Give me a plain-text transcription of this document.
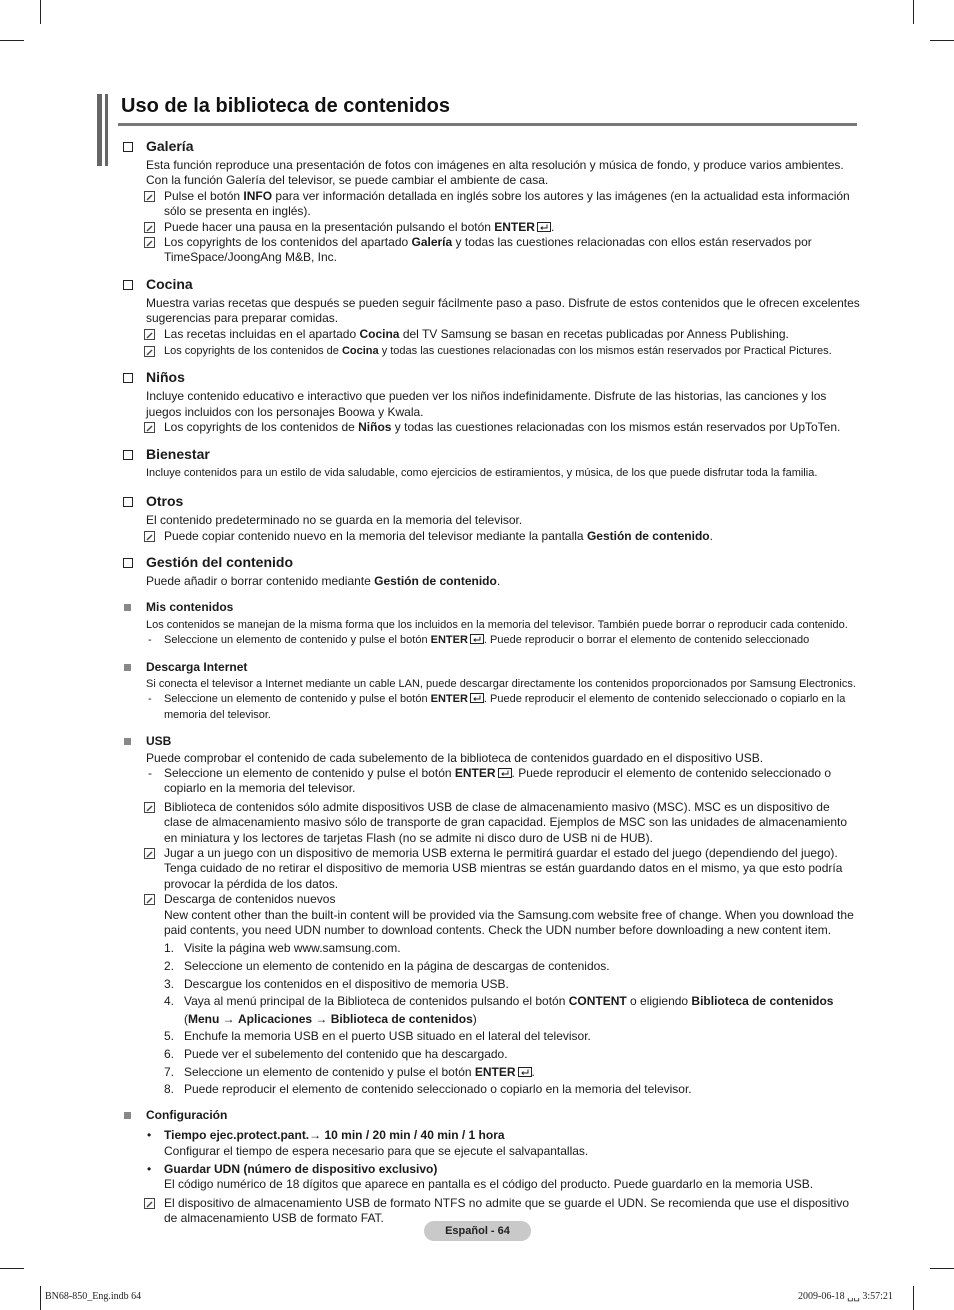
Uso de la biblioteca de contenidos
Galería
Esta función reproduce una presentación de fotos con imágenes en alta resolución y música de fondo, y produce varios ambientes.
Con la función Galería del televisor, se puede cambiar el ambiente de casa.
Pulse el botón INFO para ver información detallada en inglés sobre los autores y las imágenes (en la actualidad esta información sólo se presenta en inglés).
Puede hacer una pausa en la presentación pulsando el botón ENTER .
Los copyrights de los contenidos del apartado Galería y todas las cuestiones relacionadas con ellos están reservados por TimeSpace/JoongAng M&B, Inc.
Cocina
Muestra varias recetas que después se pueden seguir fácilmente paso a paso. Disfrute de estos contenidos que le ofrecen excelentes sugerencias para preparar comidas.
Las recetas incluidas en el apartado Cocina del TV Samsung se basan en recetas publicadas por Anness Publishing.
Los copyrights de los contenidos de Cocina y todas las cuestiones relacionadas con los mismos están reservados por Practical Pictures.
Niños
Incluye contenido educativo e interactivo que pueden ver los niños indefinidamente. Disfrute de las historias, las canciones y los juegos incluidos con los personajes Boowa y Kwala.
Los copyrights de los contenidos de Niños y todas las cuestiones relacionadas con los mismos están reservados por UpToTen.
Bienestar
Incluye contenidos para un estilo de vida saludable, como ejercicios de estiramientos, y música, de los que puede disfrutar toda la familia.
Otros
El contenido predeterminado no se guarda en la memoria del televisor.
Puede copiar contenido nuevo en la memoria del televisor mediante la pantalla Gestión de contenido.
Gestión del contenido
Puede añadir o borrar contenido mediante Gestión de contenido.
Mis contenidos
Los contenidos se manejan de la misma forma que los incluidos en la memoria del televisor. También puede borrar o reproducir cada contenido.
- Seleccione un elemento de contenido y pulse el botón ENTER . Puede reproducir o borrar el elemento de contenido seleccionado
Descarga Internet
Si conecta el televisor a Internet mediante un cable LAN, puede descargar directamente los contenidos proporcionados por Samsung Electronics.
- Seleccione un elemento de contenido y pulse el botón ENTER . Puede reproducir el elemento de contenido seleccionado o copiarlo en la memoria del televisor.
USB
Puede comprobar el contenido de cada subelemento de la biblioteca de contenidos guardado en el dispositivo USB.
- Seleccione un elemento de contenido y pulse el botón ENTER . Puede reproducir el elemento de contenido seleccionado o copiarlo en la memoria del televisor.
Biblioteca de contenidos sólo admite dispositivos USB de clase de almacenamiento masivo (MSC). MSC es un dispositivo de clase de almacenamiento masivo sólo de transporte de gran capacidad. Ejemplos de MSC son las unidades de almacenamiento en miniatura y los lectores de tarjetas Flash (no se admite ni disco duro de USB ni de HUB).
Jugar a un juego con un dispositivo de memoria USB externa le permitirá guardar el estado del juego (dependiendo del juego). Tenga cuidado de no retirar el dispositivo de memoria USB mientras se están guardando datos en el mismo, ya que esto podría provocar la pérdida de los datos.
Descarga de contenidos nuevos
New content other than the built-in content will be provided via the Samsung.com website free of change. When you download the paid contents, you need UDN number to download contents. Check the UDN number before downloading a new content item.
1. Visite la página web www.samsung.com.
2. Seleccione un elemento de contenido en la página de descargas de contenidos.
3. Descargue los contenidos en el dispositivo de memoria USB.
4. Vaya al menú principal de la Biblioteca de contenidos pulsando el botón CONTENT o eligiendo Biblioteca de contenidos
(Menu → Aplicaciones → Biblioteca de contenidos)
5. Enchufe la memoria USB en el puerto USB situado en el lateral del televisor.
6. Puede ver el subelemento del contenido que ha descargado.
7. Seleccione un elemento de contenido y pulse el botón ENTER .
8. Puede reproducir el elemento de contenido seleccionado o copiarlo en la memoria del televisor.
Configuración
• Tiempo ejec.protect.pant.→ 10 min / 20 min / 40 min / 1 hora
Configurar el tiempo de espera necesario para que se ejecute el salvapantallas.
• Guardar UDN (número de dispositivo exclusivo)
El código numérico de 18 dígitos que aparece en pantalla es el código del producto. Puede guardarlo en la memoria USB.
El dispositivo de almacenamiento USB de formato NTFS no admite que se guarde el UDN. Se recomienda que use el dispositivo de almacenamiento USB de formato FAT.
Español - 64
BN68-850_Eng.indb 64	2009-06-18 ␣␣ 3:57:21
